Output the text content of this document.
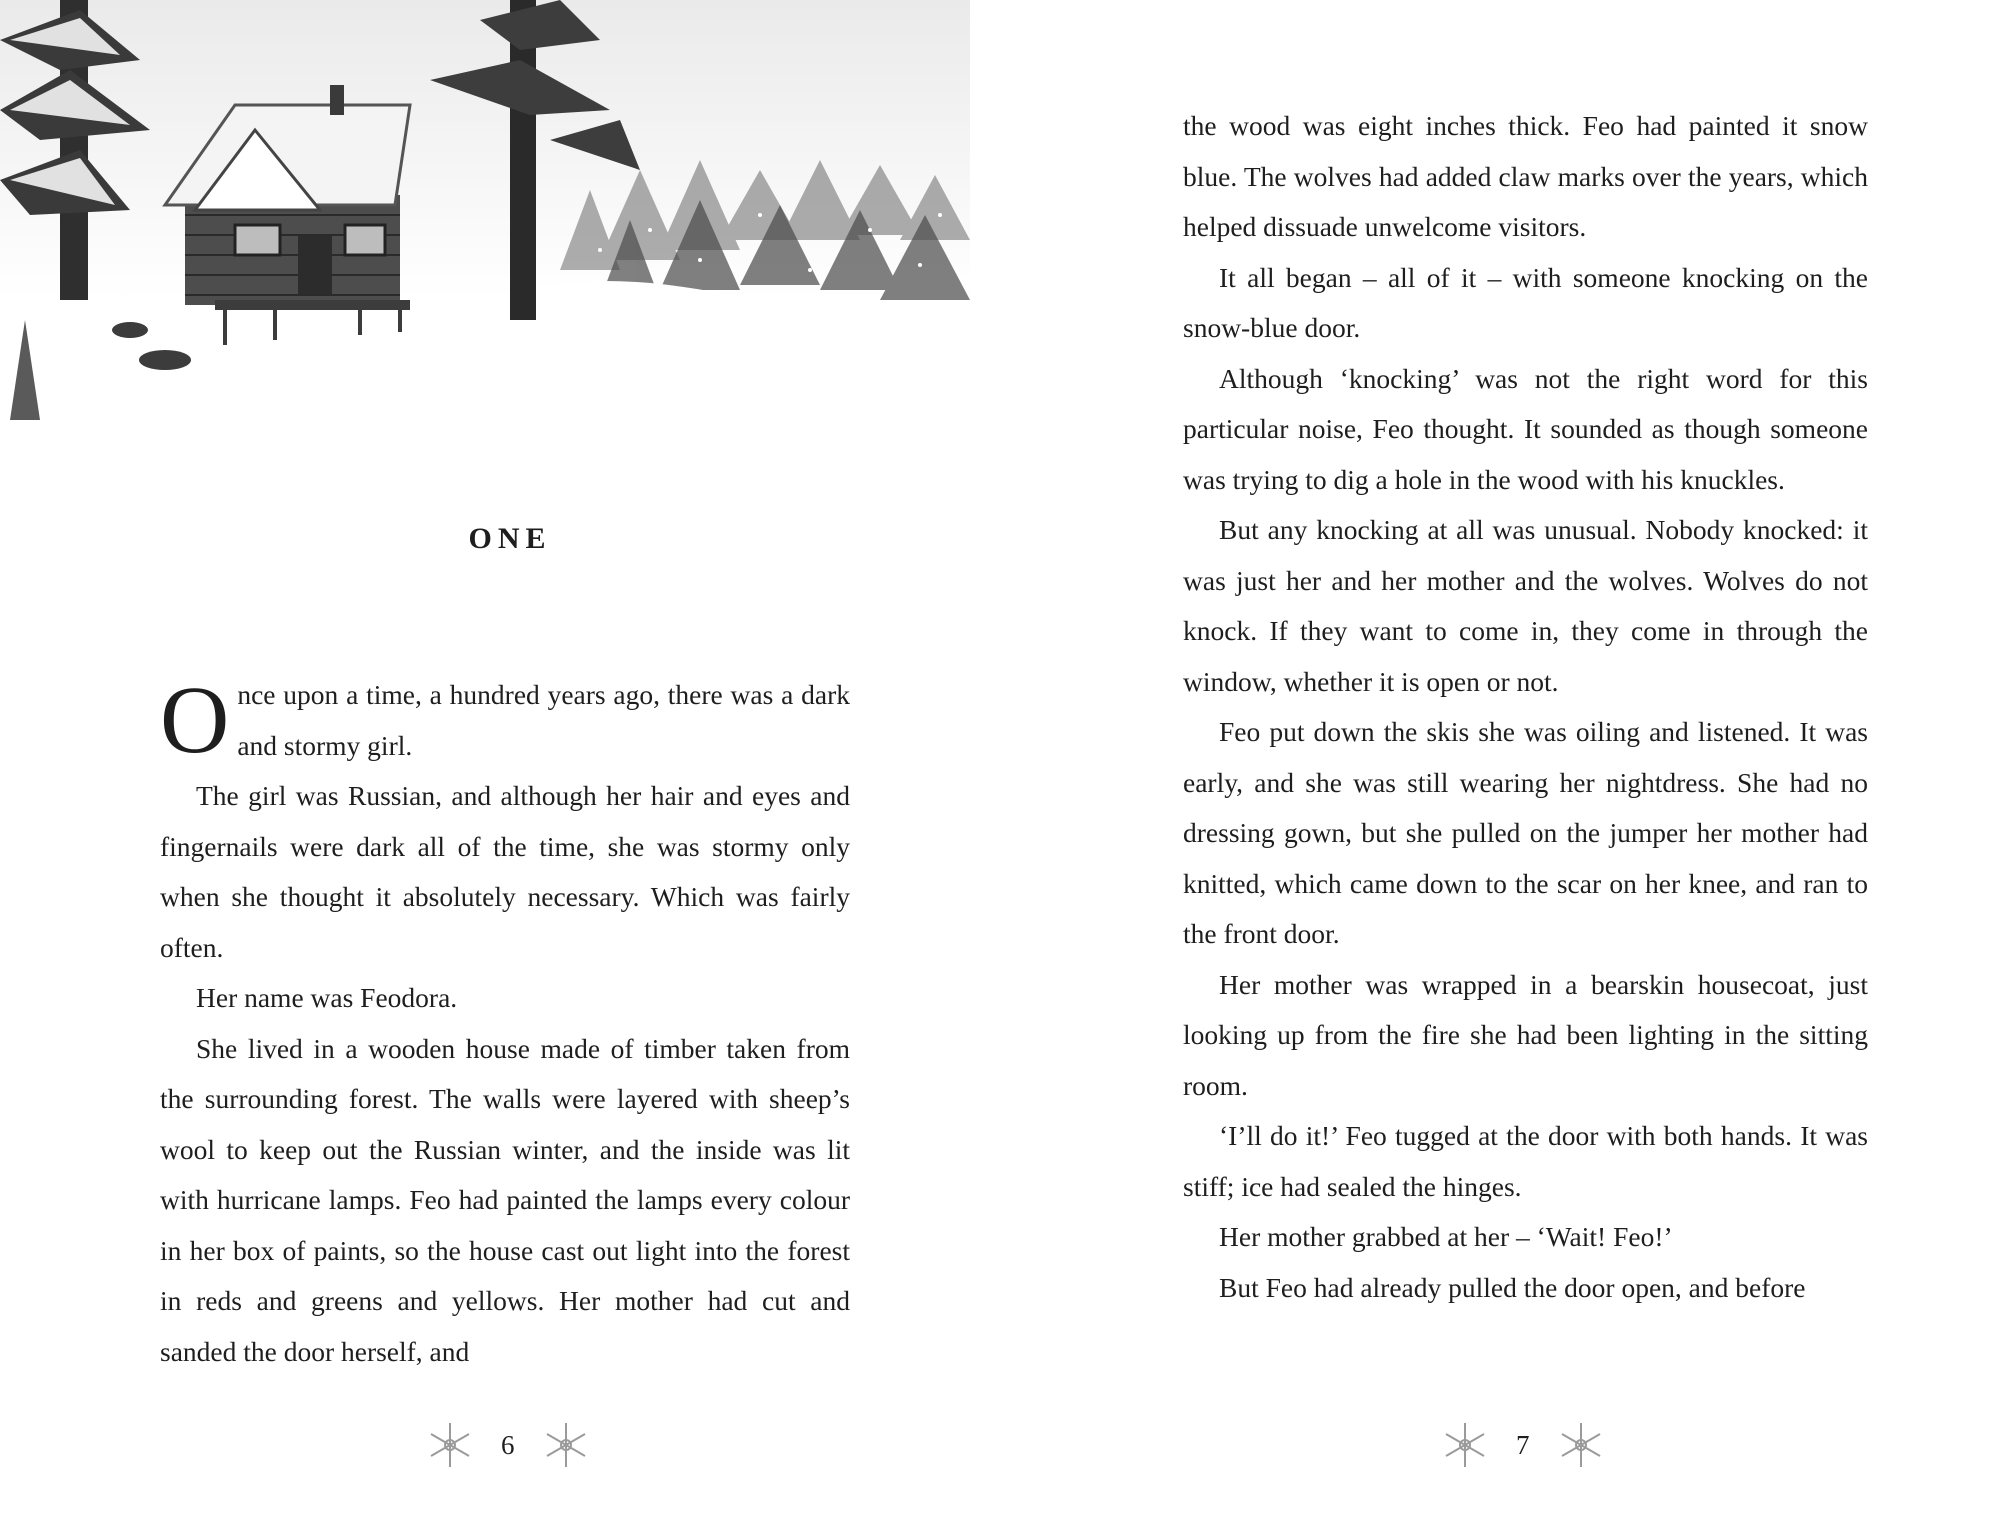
ONE

Once upon a time, a hundred years ago, there was a dark and stormy girl.

The girl was Russian, and although her hair and eyes and fingernails were dark all of the time, she was stormy only when she thought it absolutely necessary. Which was fairly often.

Her name was Feodora.

She lived in a wooden house made of timber taken from the surrounding forest. The walls were layered with sheep’s wool to keep out the Russian winter, and the inside was lit with hurricane lamps. Feo had painted the lamps every colour in her box of paints, so the house cast out light into the forest in reds and greens and yellows. Her mother had cut and sanded the door herself, and

6

the wood was eight inches thick. Feo had painted it snow blue. The wolves had added claw marks over the years, which helped dissuade unwelcome visitors.

It all began – all of it – with someone knocking on the snow-blue door.

Although ‘knocking’ was not the right word for this particular noise, Feo thought. It sounded as though someone was trying to dig a hole in the wood with his knuckles.

But any knocking at all was unusual. Nobody knocked: it was just her and her mother and the wolves. Wolves do not knock. If they want to come in, they come in through the window, whether it is open or not.

Feo put down the skis she was oiling and listened. It was early, and she was still wearing her nightdress. She had no dressing gown, but she pulled on the jumper her mother had knitted, which came down to the scar on her knee, and ran to the front door.

Her mother was wrapped in a bearskin housecoat, just looking up from the fire she had been lighting in the sitting room.

‘I’ll do it!’ Feo tugged at the door with both hands. It was stiff; ice had sealed the hinges.

Her mother grabbed at her – ‘Wait! Feo!’

But Feo had already pulled the door open, and before

7
